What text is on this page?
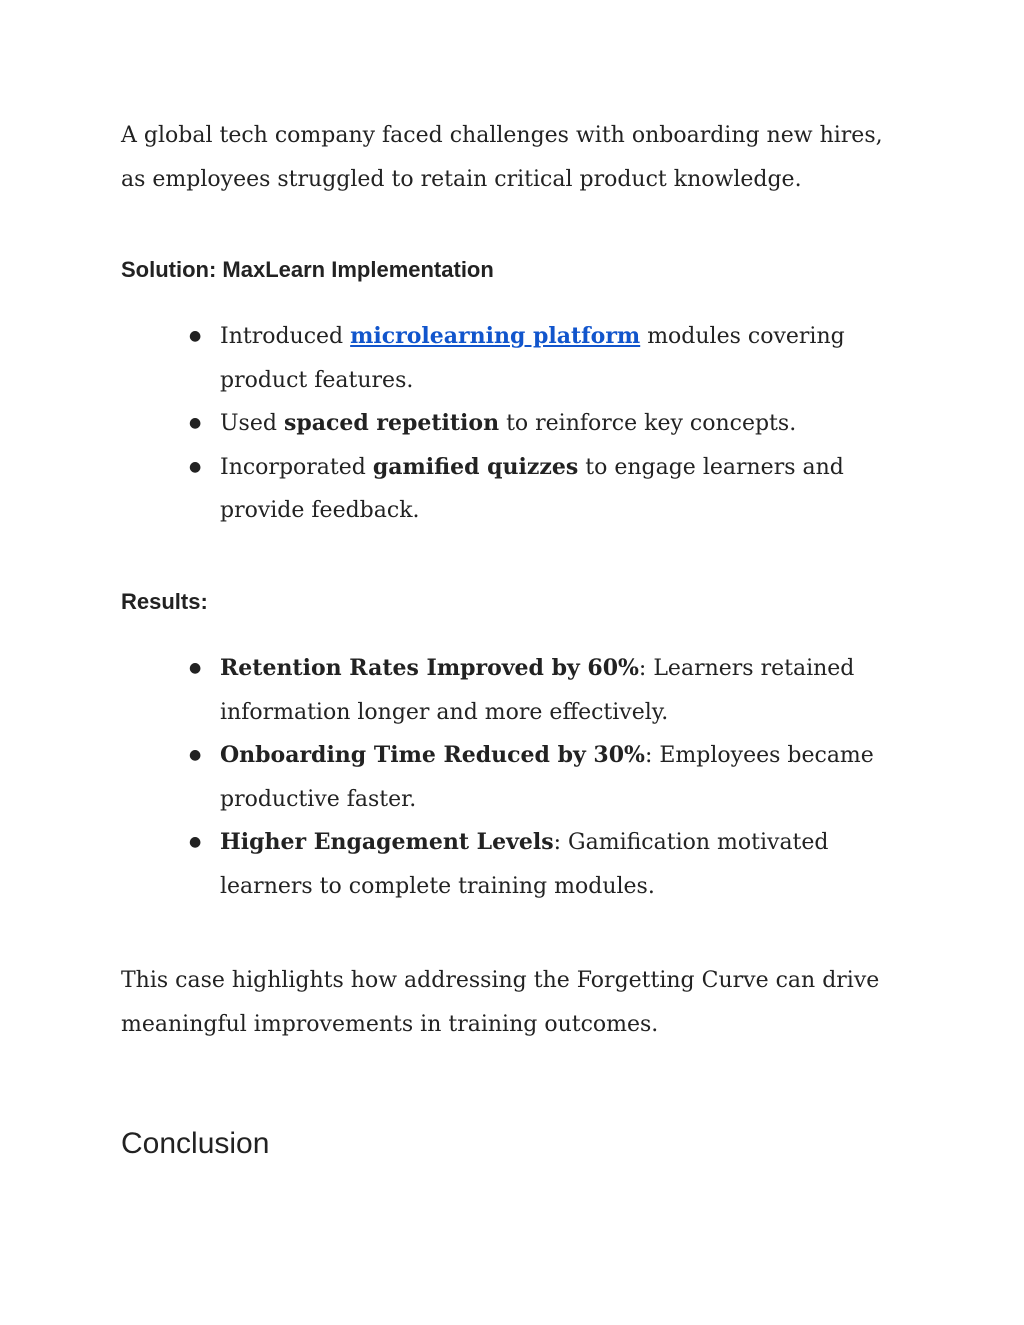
A global tech company faced challenges with onboarding new hires, as employees struggled to retain critical product knowledge.

Solution: MaxLearn Implementation
● Introduced microlearning platform modules covering product features.
● Used spaced repetition to reinforce key concepts.
● Incorporated gamified quizzes to engage learners and provide feedback.
Results:
● Retention Rates Improved by 60%: Learners retained information longer and more effectively.
● Onboarding Time Reduced by 30%: Employees became productive faster.
● Higher Engagement Levels: Gamification motivated learners to complete training modules.

This case highlights how addressing the Forgetting Curve can drive meaningful improvements in training outcomes.

Conclusion
